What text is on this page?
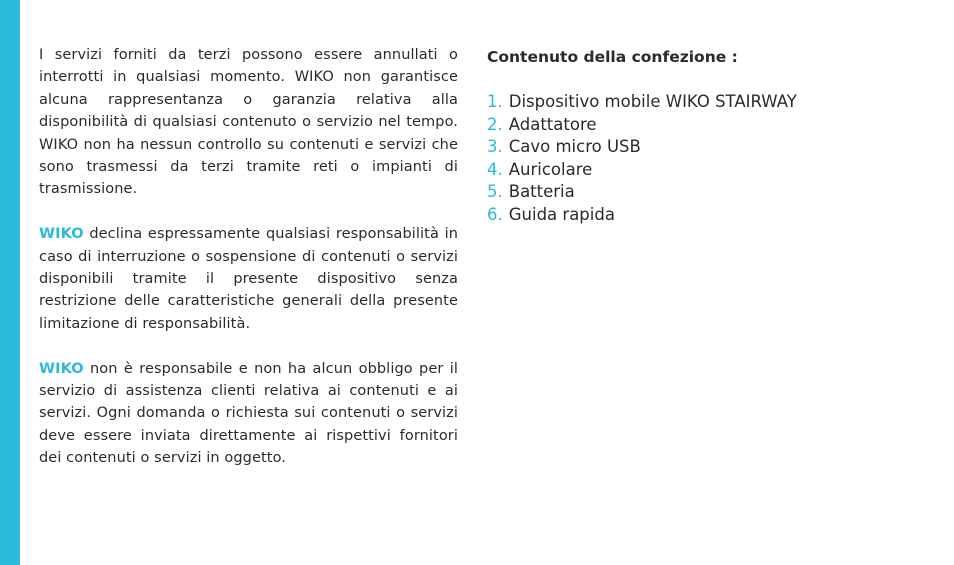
I servizi forniti da terzi possono essere annullati o interrotti in qualsiasi momento. WIKO non garantisce alcuna rappresentanza o garanzia relativa alla disponibilità di qualsiasi contenuto o servizio nel tempo. WIKO non ha nessun controllo su contenuti e servizi che sono trasmessi da terzi tramite reti o impianti di trasmissione.

WIKO declina espressamente qualsiasi responsabilità in caso di interruzione o sospensione di contenuti o servizi disponibili tramite il presente dispositivo senza restrizione delle caratteristiche generali della presente limitazione di responsabilità.

WIKO non è responsabile e non ha alcun obbligo per il servizio di assistenza clienti relativa ai contenuti e ai servizi. Ogni domanda o richiesta sui contenuti o servizi deve essere inviata direttamente ai rispettivi fornitori dei contenuti o servizi in oggetto.

Contenuto della confezione :
1. Dispositivo mobile WIKO STAIRWAY
2. Adattatore
3. Cavo micro USB
4. Auricolare
5. Batteria
6. Guida rapida
